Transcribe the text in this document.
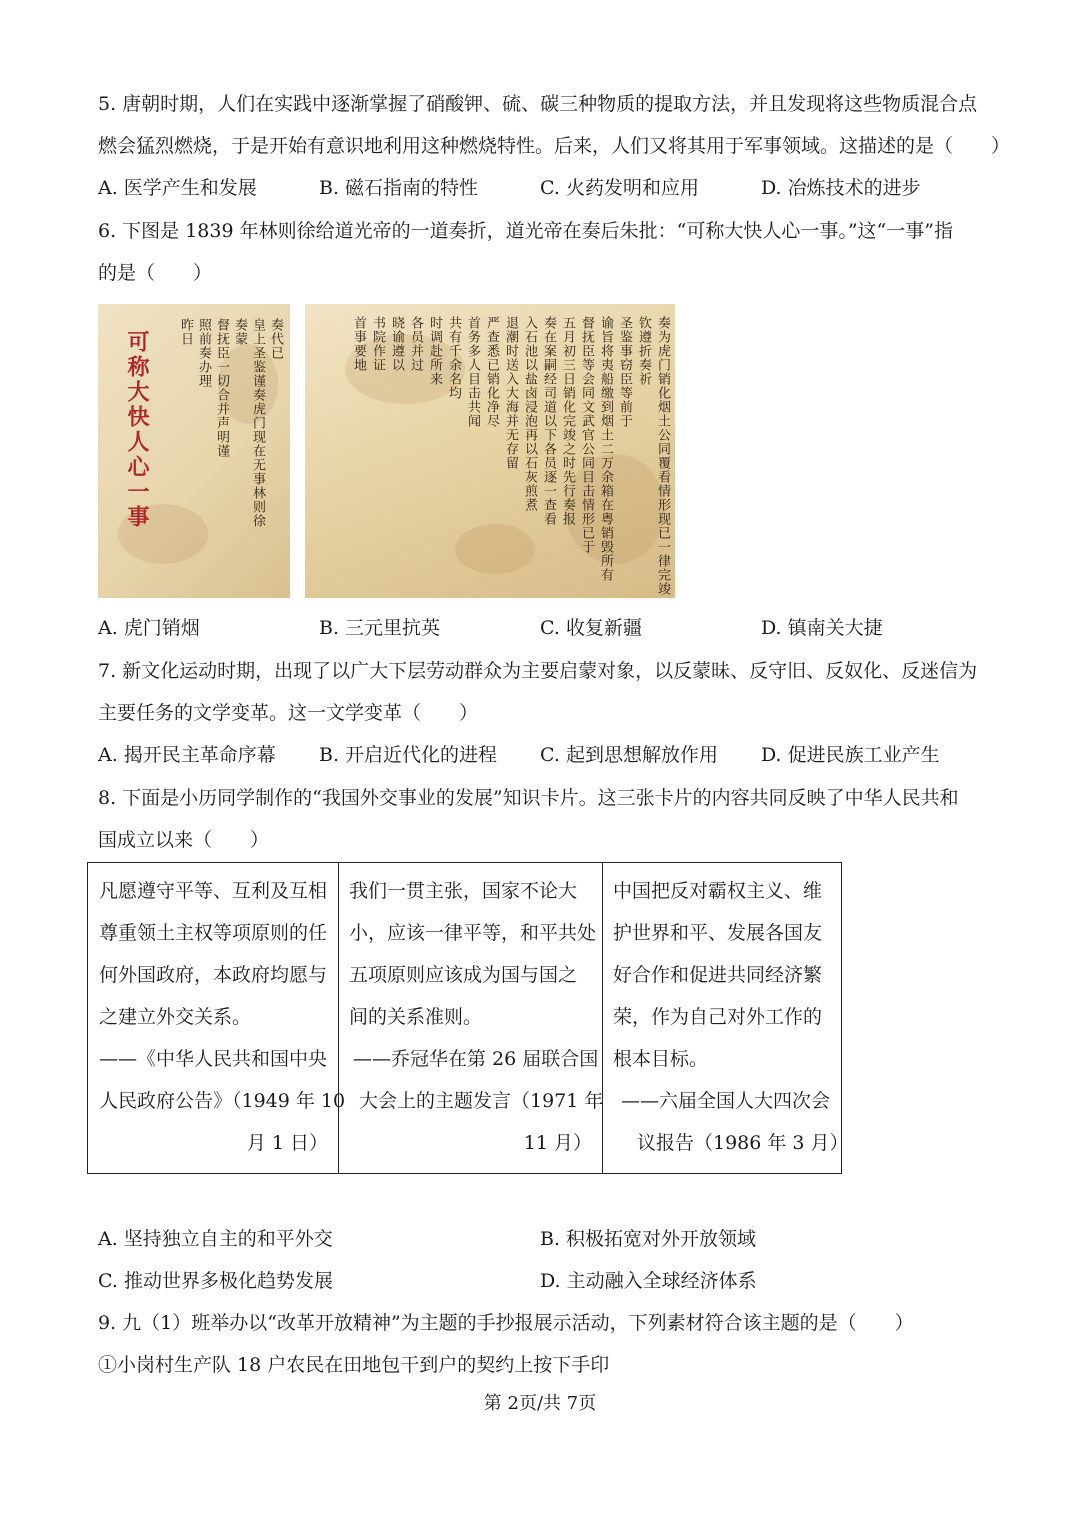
5. 唐朝时期，人们在实践中逐渐掌握了硝酸钾、硫、碳三种物质的提取方法，并且发现将这些物质混合点
燃会猛烈燃烧，于是开始有意识地利用这种燃烧特性。后来，人们又将其用于军事领域。这描述的是（　　）
A. 医学产生和发展	B. 磁石指南的特性	C. 火药发明和应用	D. 冶炼技术的进步
6. 下图是 1839 年林则徐给道光帝的一道奏折，道光帝在奏后朱批：“可称大快人心一事。”这“一事”指
的是（　　）
可称大快人心一事	奏代已
皇上圣鉴谨奏虎门现在无事林则徐
奏蒙
督抚臣一切合并声明谨
照前奏办理
昨日	奏为虎门销化烟土公同覆看情形现已一律完竣
钦遵折奏祈
圣鉴事窃臣等前于
谕旨将夷船缴到烟土二万余箱在粤销毁所有
督抚臣等会同文武官公同目击情形已于
五月初三日销化完竣之时先行奏报
奏在案嗣经司道以下各员逐一查看
入石池以盐卤浸泡再以石灰煎煮
退潮时送入大海并无存留
严查悉已销化净尽
首务多人目击共闻
共有千余名均
时调赴所来
各员并过
晓谕遵以
书院作证
首事要地
A. 虎门销烟	B. 三元里抗英	C. 收复新疆	D. 镇南关大捷
7. 新文化运动时期，出现了以广大下层劳动群众为主要启蒙对象，以反蒙昧、反守旧、反奴化、反迷信为
主要任务的文学变革。这一文学变革（　　）
A. 揭开民主革命序幕 B. 开启近代化的进程 C. 起到思想解放作用 D. 促进民族工业产生
8. 下面是小历同学制作的“我国外交事业的发展”知识卡片。这三张卡片的内容共同反映了中华人民共和
国成立以来（　　）
凡愿遵守平等、互利及互相
尊重领土主权等项原则的任
何外国政府，本政府均愿与
之建立外交关系。
——《中华人民共和国中央
人民政府公告》（1949 年 10
月 1 日）

我们一贯主张，国家不论大
小，应该一律平等，和平共处
五项原则应该成为国与国之
间的关系准则。
——乔冠华在第 26 届联合国
大会上的主题发言（1971 年
11 月）

中国把反对霸权主义、维
护世界和平、发展各国友
好合作和促进共同经济繁
荣，作为自己对外工作的
根本目标。
——六届全国人大四次会
议报告（1986 年 3 月）
A. 坚持独立自主的和平外交	B. 积极拓宽对外开放领域
C. 推动世界多极化趋势发展	D. 主动融入全球经济体系
9. 九（1）班举办以“改革开放精神”为主题的手抄报展示活动，下列素材符合该主题的是（　　）
①小岗村生产队 18 户农民在田地包干到户的契约上按下手印
第 2页/共 7页
